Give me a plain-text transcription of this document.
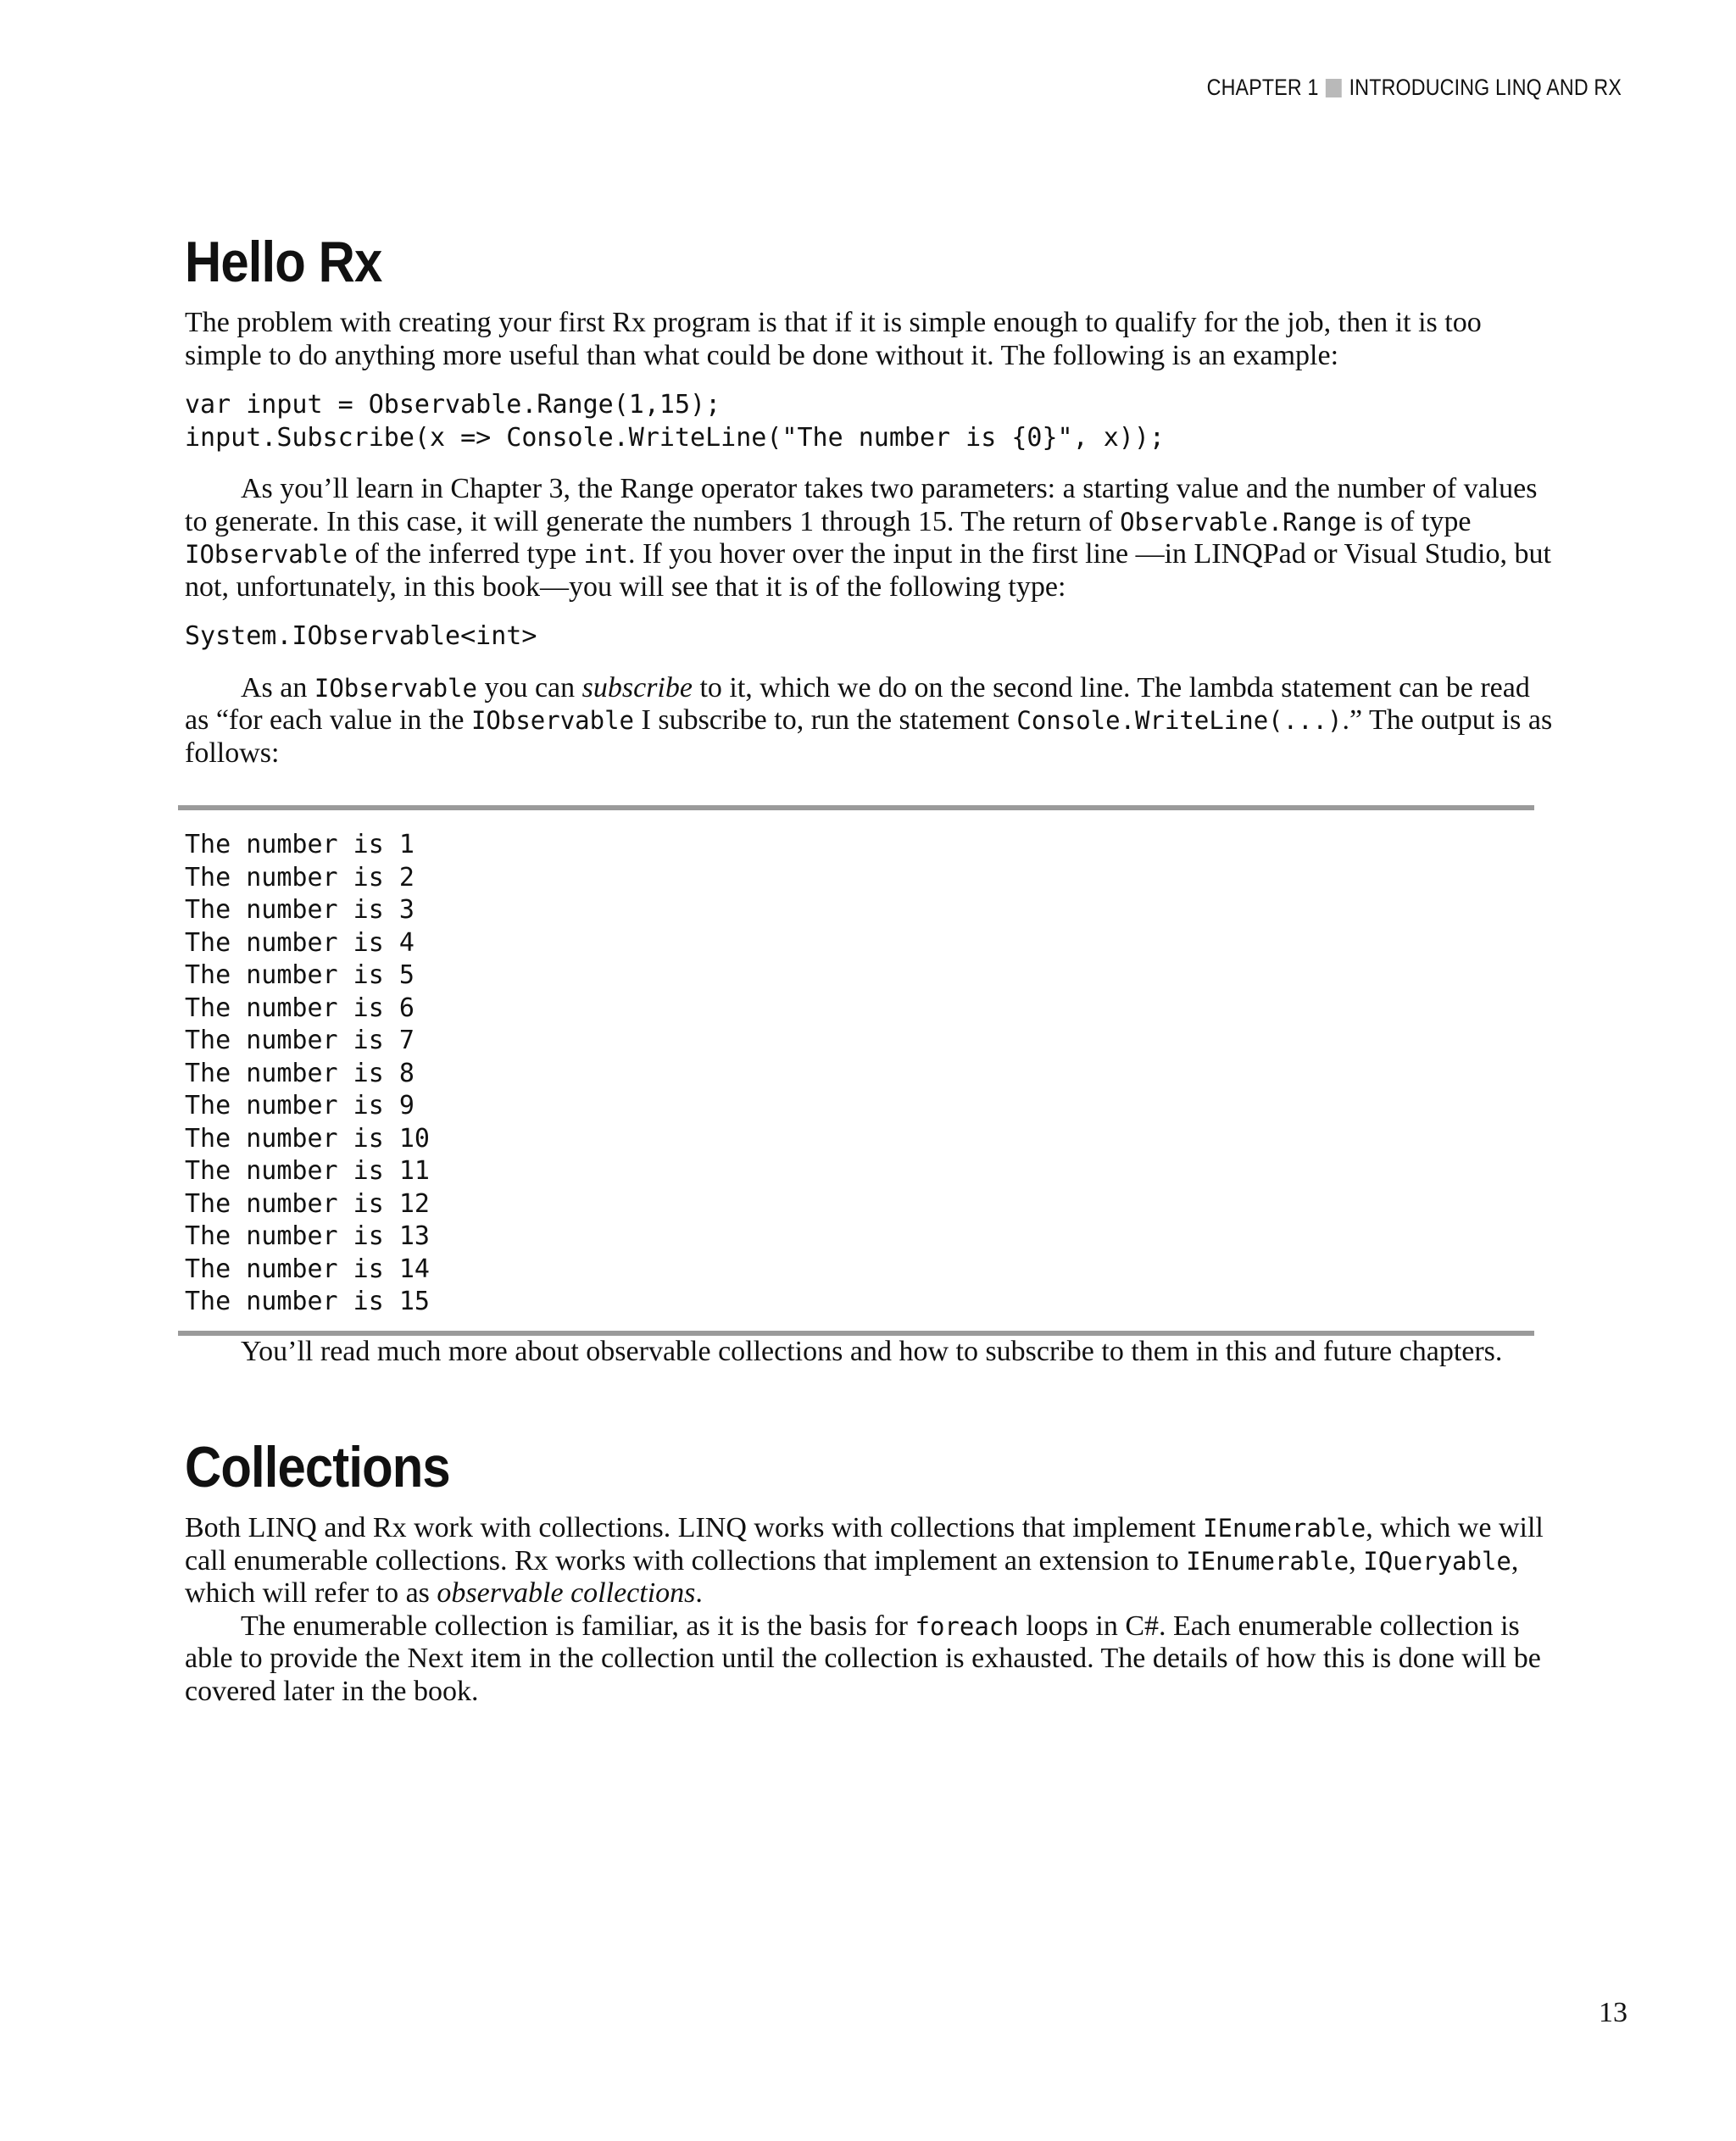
CHAPTER 1 INTRODUCING LINQ AND RX
Hello Rx

The problem with creating your first Rx program is that if it is simple enough to qualify for the job, then it is too simple to do anything more useful than what could be done without it. The following is an example:

var input = Observable.Range(1,15);
input.Subscribe(x => Console.WriteLine("The number is {0}", x));

As you’ll learn in Chapter 3, the Range operator takes two parameters: a starting value and the number of values to generate. In this case, it will generate the numbers 1 through 15. The return of Observable.Range is of type IObservable of the inferred type int. If you hover over the input in the first line —in LINQPad or Visual Studio, but not, unfortunately, in this book—you will see that it is of the following type:

System.IObservable<int>

As an IObservable you can subscribe to it, which we do on the second line. The lambda statement can be read as “for each value in the IObservable I subscribe to, run the statement Console.WriteLine(...).” The output is as follows:

The number is 1
The number is 2
The number is 3
The number is 4
The number is 5
The number is 6
The number is 7
The number is 8
The number is 9
The number is 10
The number is 11
The number is 12
The number is 13
The number is 14
The number is 15

You’ll read much more about observable collections and how to subscribe to them in this and future chapters.

Collections

Both LINQ and Rx work with collections. LINQ works with collections that implement IEnumerable, which we will call enumerable collections. Rx works with collections that implement an extension to IEnumerable, IQueryable, which will refer to as observable collections.

The enumerable collection is familiar, as it is the basis for foreach loops in C#. Each enumerable collection is able to provide the Next item in the collection until the collection is exhausted. The details of how this is done will be covered later in the book.

13
